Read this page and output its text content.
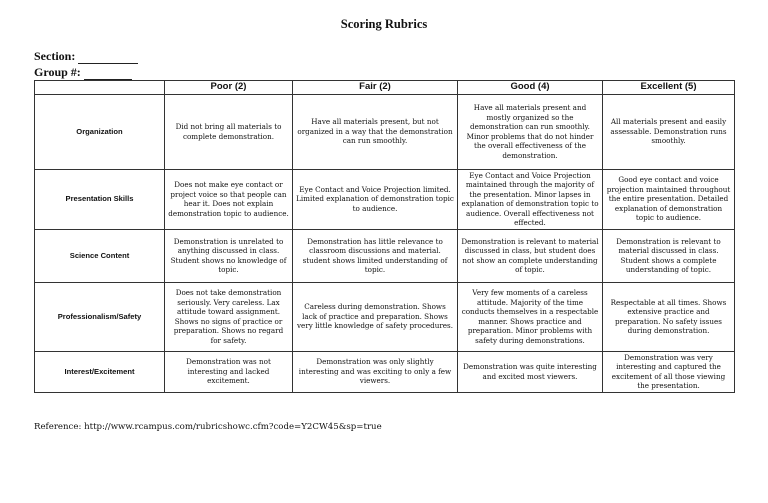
Scoring Rubrics
Section:
Group #:
	Poor (2)	Fair (2)	Good (4)	Excellent (5)
Organization	Did not bring all materials to complete demonstration.	Have all materials present, but not organized in a way that the demonstration can run smoothly.	Have all materials present and mostly organized so the demonstration can run smoothly. Minor problems that do not hinder the overall effectiveness of the demonstration.	All materials present and easily assessable. Demonstration runs smoothly.
Presentation Skills	Does not make eye contact or project voice so that people can hear it. Does not explain demonstration topic to audience.	Eye Contact and Voice Projection limited. Limited explanation of demonstration topic to audience.	Eye Contact and Voice Projection maintained through the majority of the presentation. Minor lapses in explanation of demonstration topic to audience. Overall effectiveness not effected.	Good eye contact and voice projection maintained throughout the entire presentation. Detailed explanation of demonstration topic to audience.
Science Content	Demonstration is unrelated to anything discussed in class. Student shows no knowledge of topic.	Demonstration has little relevance to classroom discussions and material. student shows limited understanding of topic.	Demonstration is relevant to material discussed in class, but student does not show an complete understanding of topic.	Demonstration is relevant to material discussed in class. Student shows a complete understanding of topic.
Professionalism/Safety	Does not take demonstration seriously. Very careless. Lax attitude toward assignment. Shows no signs of practice or preparation. Shows no regard for safety.	Careless during demonstration. Shows lack of practice and preparation. Shows very little knowledge of safety procedures.	Very few moments of a careless attitude. Majority of the time conducts themselves in a respectable manner. Shows practice and preparation. Minor problems with safety during demonstrations.	Respectable at all times. Shows extensive practice and preparation. No safety issues during demonstration.
Interest/Excitement	Demonstration was not interesting and lacked excitement.	Demonstration was only slightly interesting and was exciting to only a few viewers.	Demonstration was quite interesting and excited most viewers.	Demonstration was very interesting and captured the excitement of all those viewing the presentation.
Reference: http://www.rcampus.com/rubricshowc.cfm?code=Y2CW45&sp=true
